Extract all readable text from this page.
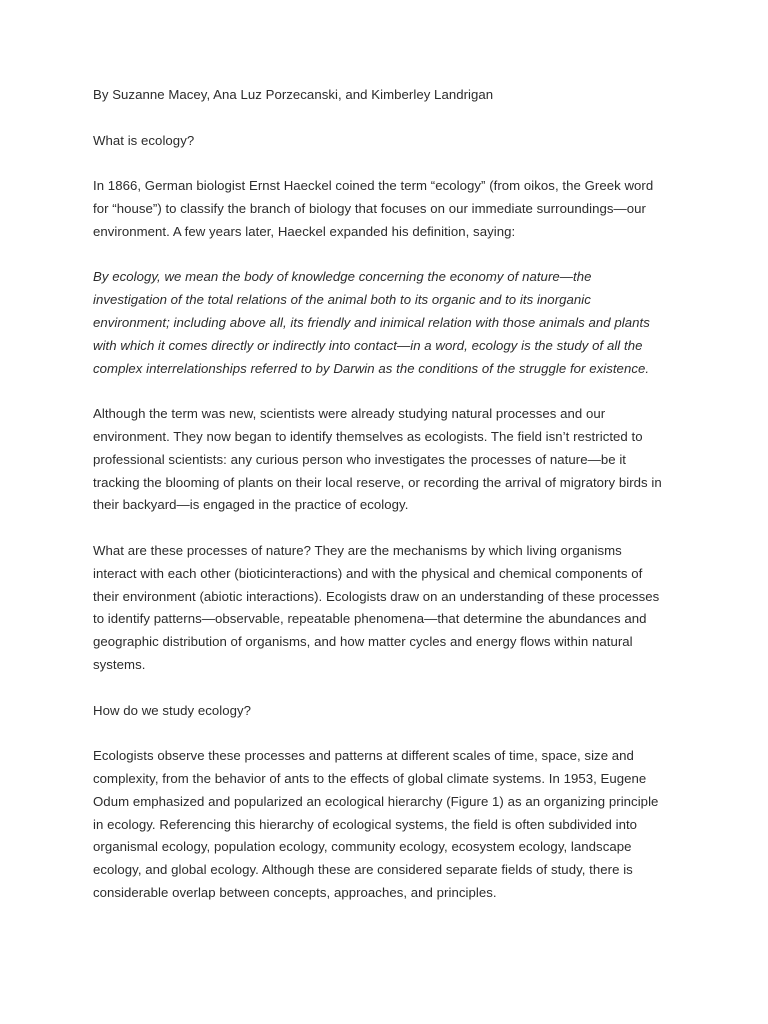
By Suzanne Macey, Ana Luz Porzecanski, and Kimberley Landrigan

What is ecology?

In 1866, German biologist Ernst Haeckel coined the term “ecology” (from oikos, the Greek word
for “house”) to classify the branch of biology that focuses on our immediate surroundings—our
environment. A few years later, Haeckel expanded his definition, saying:

By ecology, we mean the body of knowledge concerning the economy of nature—the
investigation of the total relations of the animal both to its organic and to its inorganic
environment; including above all, its friendly and inimical relation with those animals and plants
with which it comes directly or indirectly into contact—in a word, ecology is the study of all the
complex interrelationships referred to by Darwin as the conditions of the struggle for existence.

Although the term was new, scientists were already studying natural processes and our
environment. They now began to identify themselves as ecologists. The field isn’t restricted to
professional scientists: any curious person who investigates the processes of nature—be it
tracking the blooming of plants on their local reserve, or recording the arrival of migratory birds in
their backyard—is engaged in the practice of ecology.

What are these processes of nature? They are the mechanisms by which living organisms
interact with each other (bioticinteractions) and with the physical and chemical components of
their environment (abiotic interactions). Ecologists draw on an understanding of these processes
to identify patterns—observable, repeatable phenomena—that determine the abundances and
geographic distribution of organisms, and how matter cycles and energy flows within natural
systems.

How do we study ecology?

Ecologists observe these processes and patterns at different scales of time, space, size and
complexity, from the behavior of ants to the effects of global climate systems. In 1953, Eugene
Odum emphasized and popularized an ecological hierarchy (Figure 1) as an organizing principle
in ecology. Referencing this hierarchy of ecological systems, the field is often subdivided into
organismal ecology, population ecology, community ecology, ecosystem ecology, landscape
ecology, and global ecology. Although these are considered separate fields of study, there is
considerable overlap between concepts, approaches, and principles.
